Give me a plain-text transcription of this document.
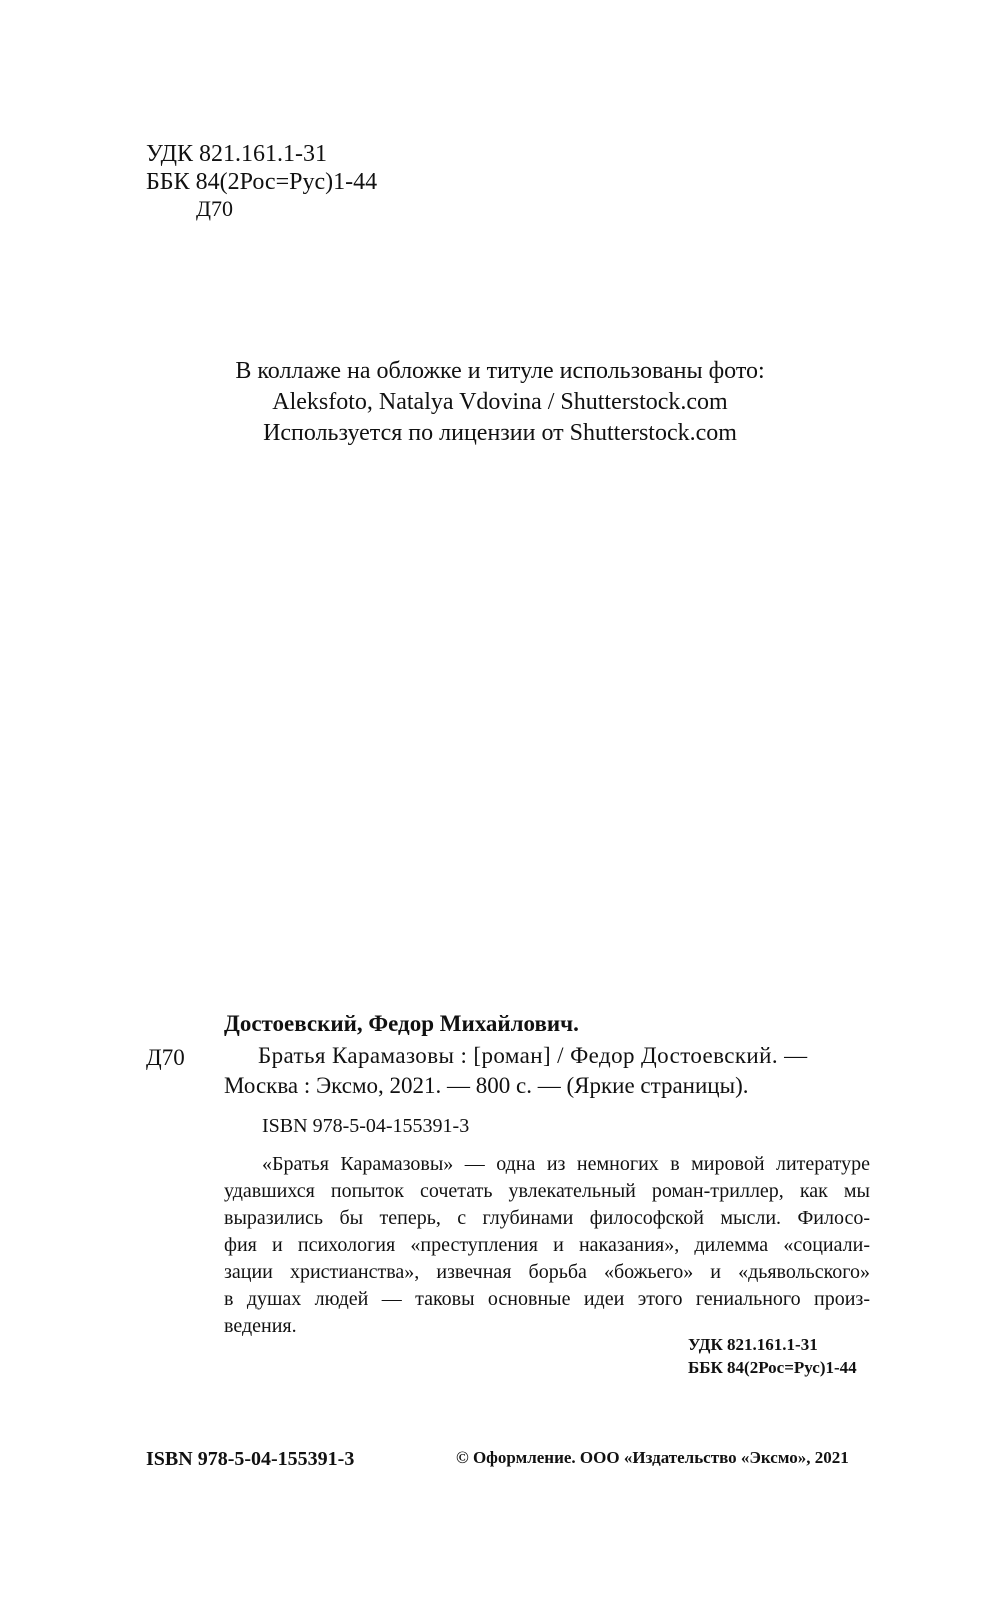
УДК 821.161.1-31
ББК 84(2Рос=Рус)1-44
Д70
В коллаже на обложке и титуле использованы фото:
Aleksfoto, Natalya Vdovina / Shutterstock.com
Используется по лицензии от Shutterstock.com
Достоевский, Федор Михайлович.
Д70	Братья Карамазовы : [роман] / Федор Достоевский. —
Москва : Эксмо, 2021. — 800 с. — (Яркие страницы).
ISBN 978-5-04-155391-3
«Братья Карамазовы» — одна из немногих в мировой литературе
удавшихся попыток сочетать увлекательный роман-триллер, как мы
выразились бы теперь, с глубинами философской мысли. Филосо-
фия и психология «преступления и наказания», дилемма «социали-
зации христианства», извечная борьба «божьего» и «дьявольского»
в душах людей — таковы основные идеи этого гениального произ-
ведения.
УДК 821.161.1-31
ББК 84(2Рос=Рус)1-44
ISBN 978-5-04-155391-3	© Оформление. ООО «Издательство «Эксмо», 2021
